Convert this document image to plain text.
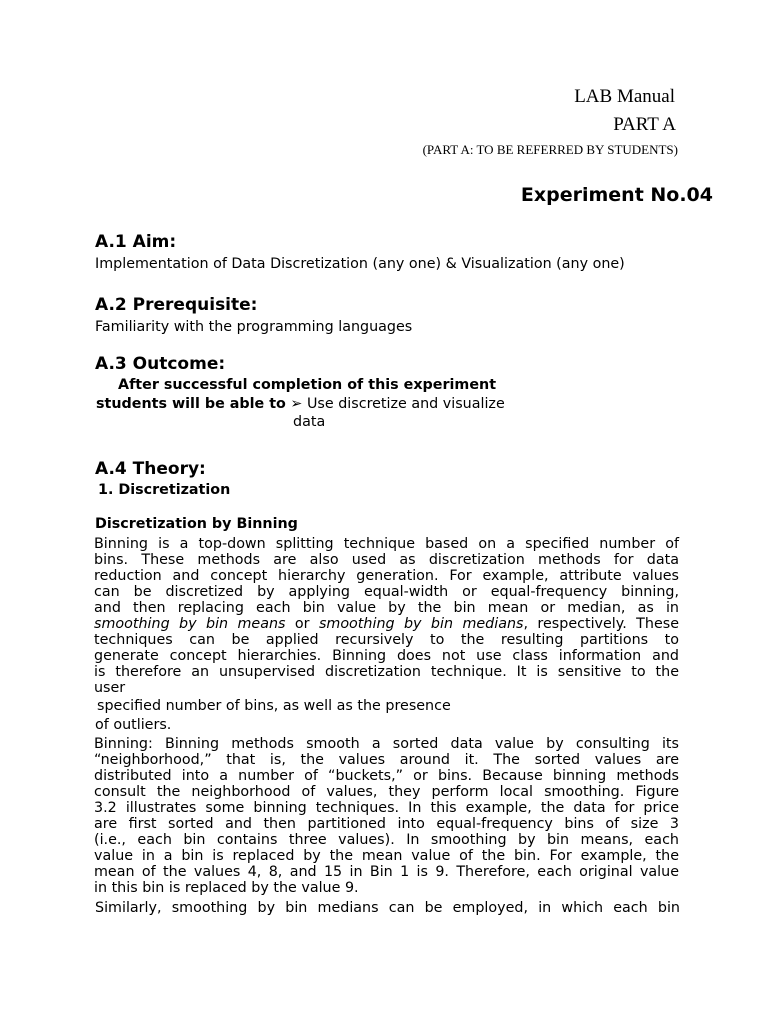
LAB Manual
PART A
(PART A: TO BE REFERRED BY STUDENTS)
Experiment No.04
A.1 Aim:
Implementation of Data Discretization (any one) & Visualization (any one)
A.2 Prerequisite:
Familiarity with the programming languages
A.3 Outcome:
After successful completion of this experiment
students will be able to ➢ Use discretize and visualize
data
A.4 Theory:
1. Discretization
Discretization by Binning
Binning is a top-down splitting technique based on a specified number of
bins. These methods are also used as discretization methods for data
reduction and concept hierarchy generation. For example, attribute values
can be discretized by applying equal-width or equal-frequency binning,
and then replacing each bin value by the bin mean or median, as in
smoothing by bin means or smoothing by bin medians, respectively. These
techniques can be applied recursively to the resulting partitions to
generate concept hierarchies. Binning does not use class information and
is therefore an unsupervised discretization technique. It is sensitive to the
user
specified number of bins, as well as the presence
of outliers.
Binning: Binning methods smooth a sorted data value by consulting its
“neighborhood,” that is, the values around it. The sorted values are
distributed into a number of “buckets,” or bins. Because binning methods
consult the neighborhood of values, they perform local smoothing. Figure
3.2 illustrates some binning techniques. In this example, the data for price
are first sorted and then partitioned into equal-frequency bins of size 3
(i.e., each bin contains three values). In smoothing by bin means, each
value in a bin is replaced by the mean value of the bin. For example, the
mean of the values 4, 8, and 15 in Bin 1 is 9. Therefore, each original value
in this bin is replaced by the value 9.
Similarly, smoothing by bin medians can be employed, in which each bin
